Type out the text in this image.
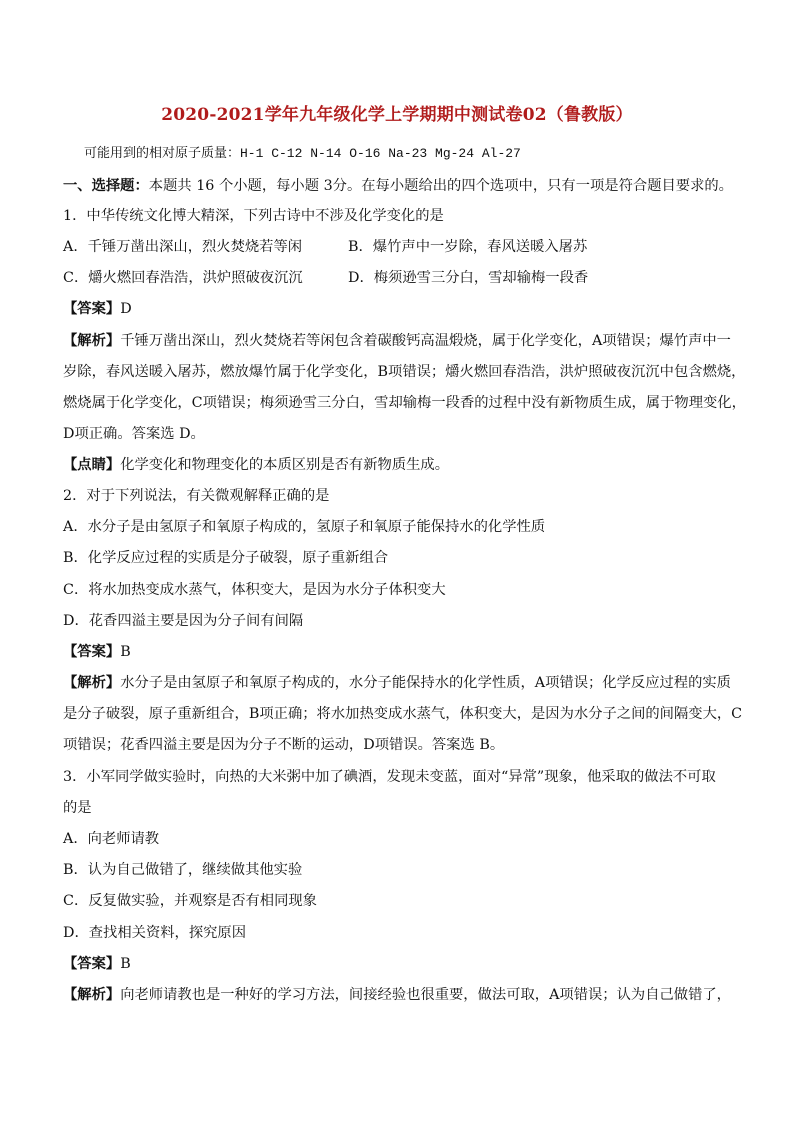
2020-2021学年九年级化学上学期期中测试卷02（鲁教版）
可能用到的相对原子质量：H-1 C-12 N-14 O-16 Na-23 Mg-24 Al-27
一、选择题：本题共 16 个小题，每小题 3分。在每小题给出的四个选项中，只有一项是符合题目要求的。
1．中华传统文化博大精深，下列古诗中不涉及化学变化的是
A．千锤万凿出深山，烈火焚烧若等闲	B．爆竹声中一岁除，春风送暖入屠苏
C．爝火燃回春浩浩，洪炉照破夜沉沉	D．梅须逊雪三分白，雪却输梅一段香
【答案】D
【解析】千锤万凿出深山，烈火焚烧若等闲包含着碳酸钙高温煅烧，属于化学变化，A项错误；爆竹声中一
岁除，春风送暖入屠苏，燃放爆竹属于化学变化，B项错误；爝火燃回春浩浩，洪炉照破夜沉沉中包含燃烧，
燃烧属于化学变化，C项错误；梅须逊雪三分白，雪却输梅一段香的过程中没有新物质生成，属于物理变化，
D项正确。答案选 D。
【点睛】化学变化和物理变化的本质区别是否有新物质生成。
2．对于下列说法，有关微观解释正确的是
A．水分子是由氢原子和氧原子构成的，氢原子和氧原子能保持水的化学性质
B．化学反应过程的实质是分子破裂，原子重新组合
C．将水加热变成水蒸气，体积变大，是因为水分子体积变大
D．花香四溢主要是因为分子间有间隔
【答案】B
【解析】水分子是由氢原子和氧原子构成的，水分子能保持水的化学性质，A项错误；化学反应过程的实质
是分子破裂，原子重新组合，B项正确；将水加热变成水蒸气，体积变大，是因为水分子之间的间隔变大，C
项错误；花香四溢主要是因为分子不断的运动，D项错误。答案选 B。
3．小军同学做实验时，向热的大米粥中加了碘酒，发现未变蓝，面对“异常”现象，他采取的做法不可取
的是
A．向老师请教
B．认为自己做错了，继续做其他实验
C．反复做实验，并观察是否有相同现象
D．查找相关资料，探究原因
【答案】B
【解析】向老师请教也是一种好的学习方法，间接经验也很重要，做法可取，A项错误；认为自己做错了，
